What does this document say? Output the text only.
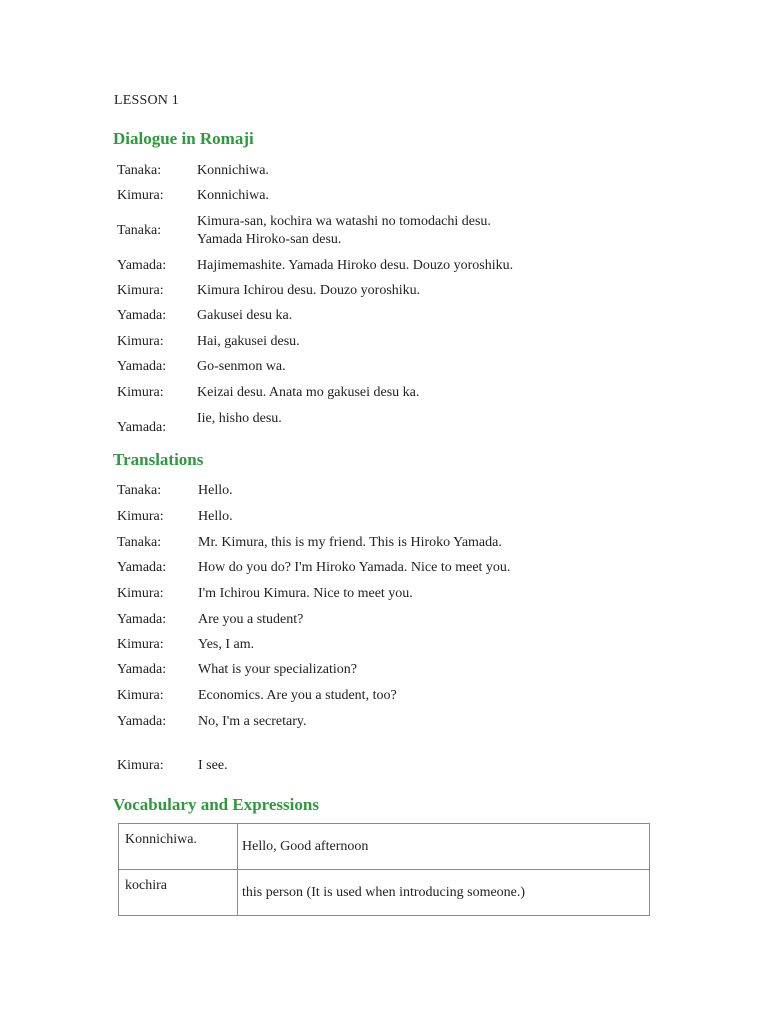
LESSON 1
Dialogue in Romaji
Tanaka:	Konnichiwa.
Kimura: Konnichiwa.
Tanaka:
Kimura-san, kochira wa watashi no tomodachi desu.
Yamada Hiroko-san desu.
Yamada: Hajimemashite. Yamada Hiroko desu. Douzo yoroshiku.
Kimura: Kimura Ichirou desu. Douzo yoroshiku.
Yamada: Gakusei desu ka.
Kimura: Hai, gakusei desu.
Yamada: Go-senmon wa.
Kimura: Keizai desu. Anata mo gakusei desu ka.
Yamada:
Iie, hisho desu.
Translations
Tanaka:	Hello.
Kimura: Hello.
Tanaka:	Mr. Kimura, this is my friend. This is Hiroko Yamada.
Yamada: How do you do? I'm Hiroko Yamada. Nice to meet you.
Kimura: I'm Ichirou Kimura. Nice to meet you.
Yamada: Are you a student?
Kimura: Yes, I am.
Yamada: What is your specialization?
Kimura: Economics. Are you a student, too?
Yamada: No, I'm a secretary.
Kimura: I see.
Vocabulary and Expressions
Konnichiwa.	Hello, Good afternoon

kochira	this person (It is used when introducing someone.)
